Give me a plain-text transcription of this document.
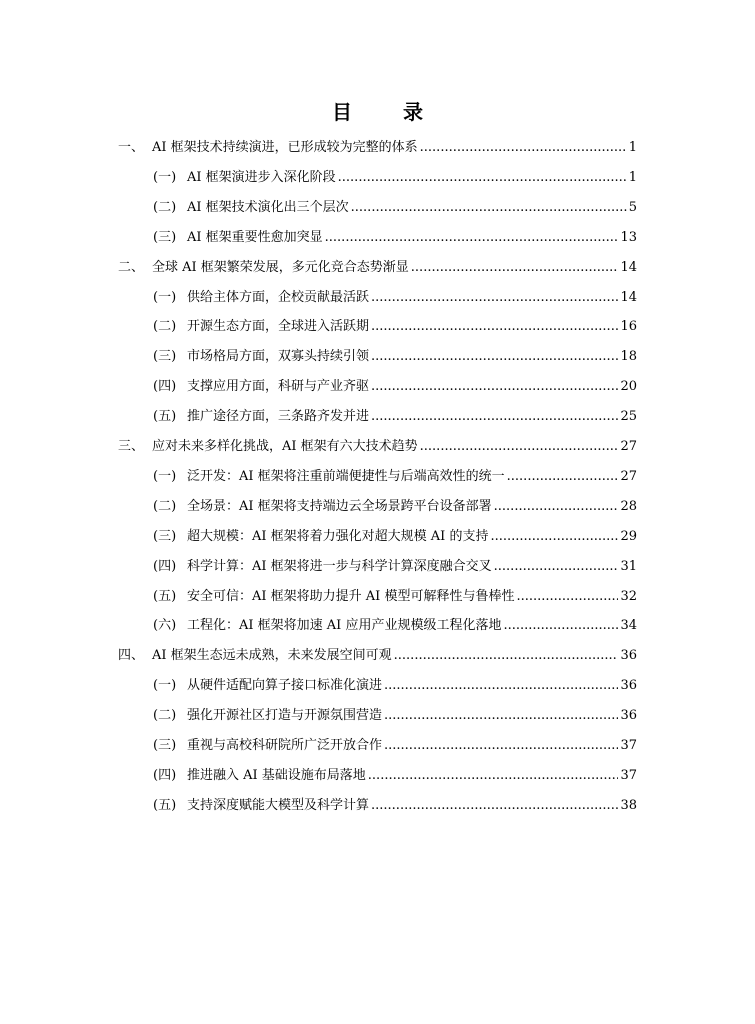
目 录
一、 AI 框架技术持续演进，已形成较为完整的体系 .....	1
(一) AI 框架演进步入深化阶段 .....	1
(二) AI 框架技术演化出三个层次 .....	5
(三) AI 框架重要性愈加突显 .....	13
二、 全球 AI 框架繁荣发展，多元化竞合态势渐显 .....	14
(一) 供给主体方面，企校贡献最活跃 .....	14
(二) 开源生态方面，全球进入活跃期 .....	16
(三) 市场格局方面，双寡头持续引领 .....	18
(四) 支撑应用方面，科研与产业齐驱 .....	20
(五) 推广途径方面，三条路齐发并进 .....	25
三、 应对未来多样化挑战，AI 框架有六大技术趋势 .....	27
(一) 泛开发：AI 框架将注重前端便捷性与后端高效性的统一 .....	27
(二) 全场景：AI 框架将支持端边云全场景跨平台设备部署 .....	28
(三) 超大规模：AI 框架将着力强化对超大规模 AI 的支持 .....	29
(四) 科学计算：AI 框架将进一步与科学计算深度融合交叉 .....	31
(五) 安全可信：AI 框架将助力提升 AI 模型可解释性与鲁棒性 .....	32
(六) 工程化：AI 框架将加速 AI 应用产业规模级工程化落地 .....	34
四、 AI 框架生态远未成熟，未来发展空间可观 .....	36
(一) 从硬件适配向算子接口标准化演进 .....	36
(二) 强化开源社区打造与开源氛围营造 .....	36
(三) 重视与高校科研院所广泛开放合作 .....	37
(四) 推进融入 AI 基础设施布局落地 .....	37
(五) 支持深度赋能大模型及科学计算 .....	38
